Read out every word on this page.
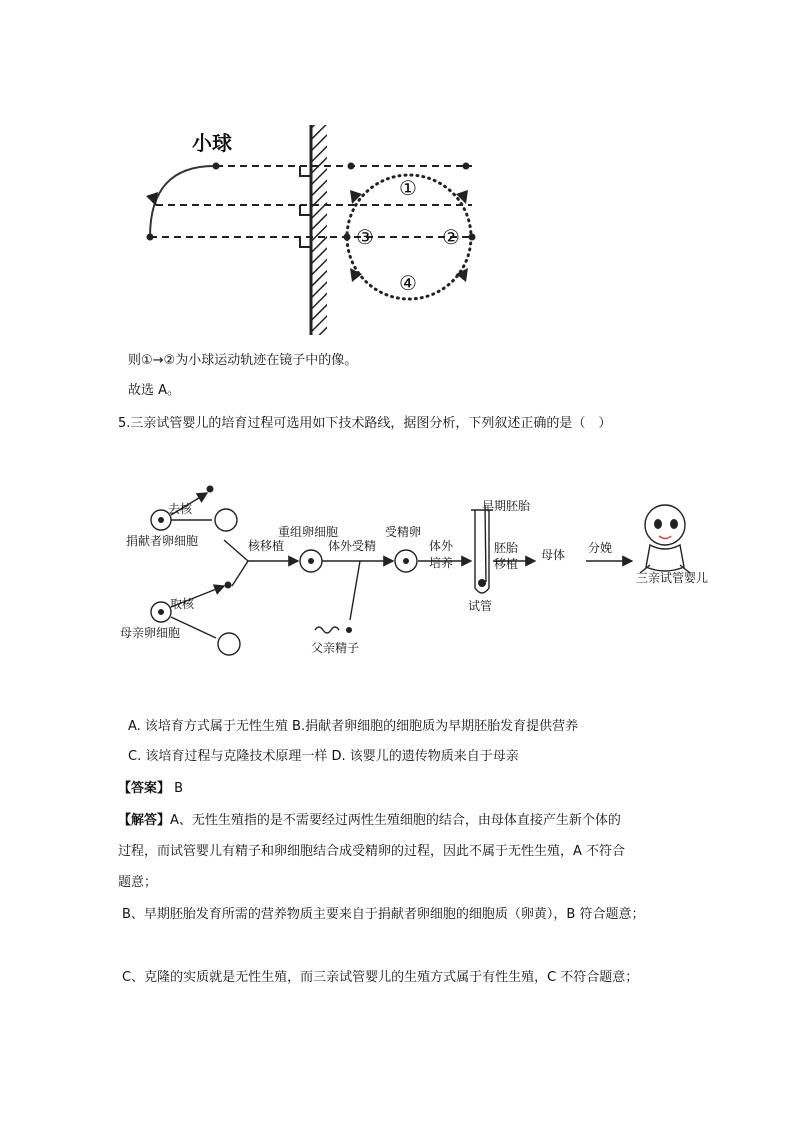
小球
①
②
③
④
则①→②为小球运动轨迹在镜子中的像。
故选 A。
5.三亲试管婴儿的培育过程可选用如下技术路线，据图分析，下列叙述正确的是（　）
去核
捐献者卵细胞
取核
母亲卵细胞
核移植
重组卵细胞
体外受精
受精卵
体外
培养
早期胚胎
胚胎
移植
试管
母体 分娩
三亲试管婴儿
父亲精子
A. 该培育方式属于无性生殖 B.捐献者卵细胞的细胞质为早期胚胎发育提供营养
C. 该培育过程与克隆技术原理一样 D. 该婴儿的遗传物质来自于母亲
【答案】 B
【解答】A、无性生殖指的是不需要经过两性生殖细胞的结合，由母体直接产生新个体的
过程，而试管婴儿有精子和卵细胞结合成受精卵的过程，因此不属于无性生殖，A 不符合
题意；
B、早期胚胎发育所需的营养物质主要来自于捐献者卵细胞的细胞质（卵黄），B 符合题意；
C、克隆的实质就是无性生殖，而三亲试管婴儿的生殖方式属于有性生殖，C 不符合题意；
